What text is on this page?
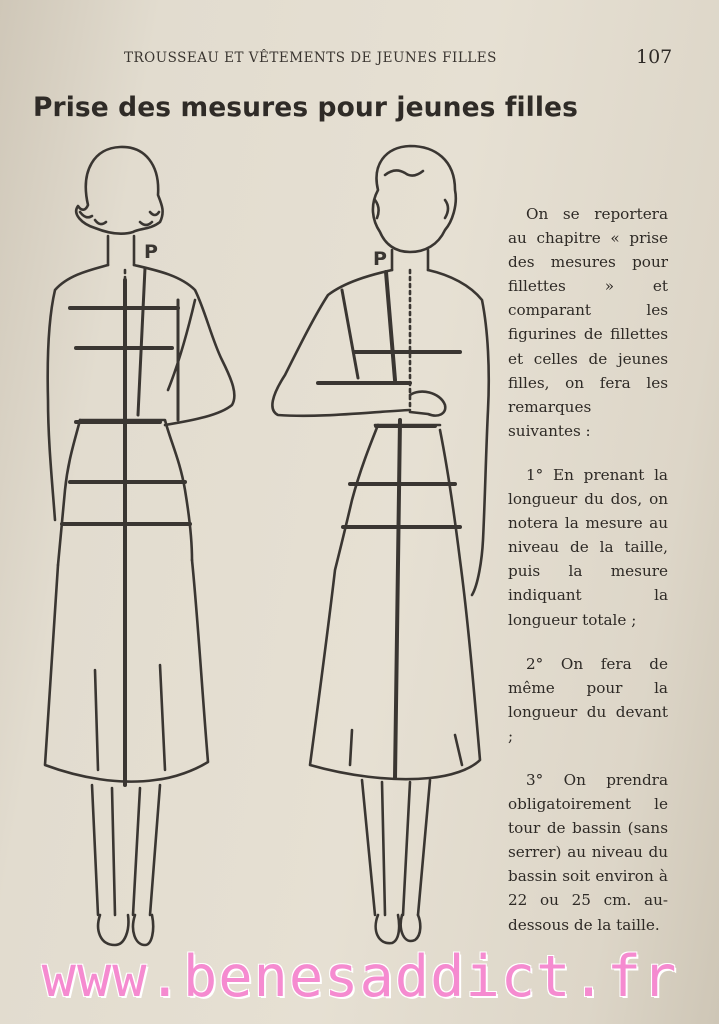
TROUSSEAU ET VÊTEMENTS DE JEUNES FILLES	107
Prise des mesures pour jeunes filles
P	P

On se reportera au chapitre « prise des mesures pour fillettes » et comparant les figurines de fillettes et celles de jeunes filles, on fera les remarques suivantes :

1° En prenant la longueur du dos, on notera la mesure au niveau de la taille, puis la mesure indiquant la longueur totale ;

2° On fera de même pour la longueur du devant ;

3° On prendra obligatoirement le tour de bassin (sans serrer) au niveau du bassin soit environ à 22 ou 25 cm. au-dessous de la taille.

www.benesaddict.fr
